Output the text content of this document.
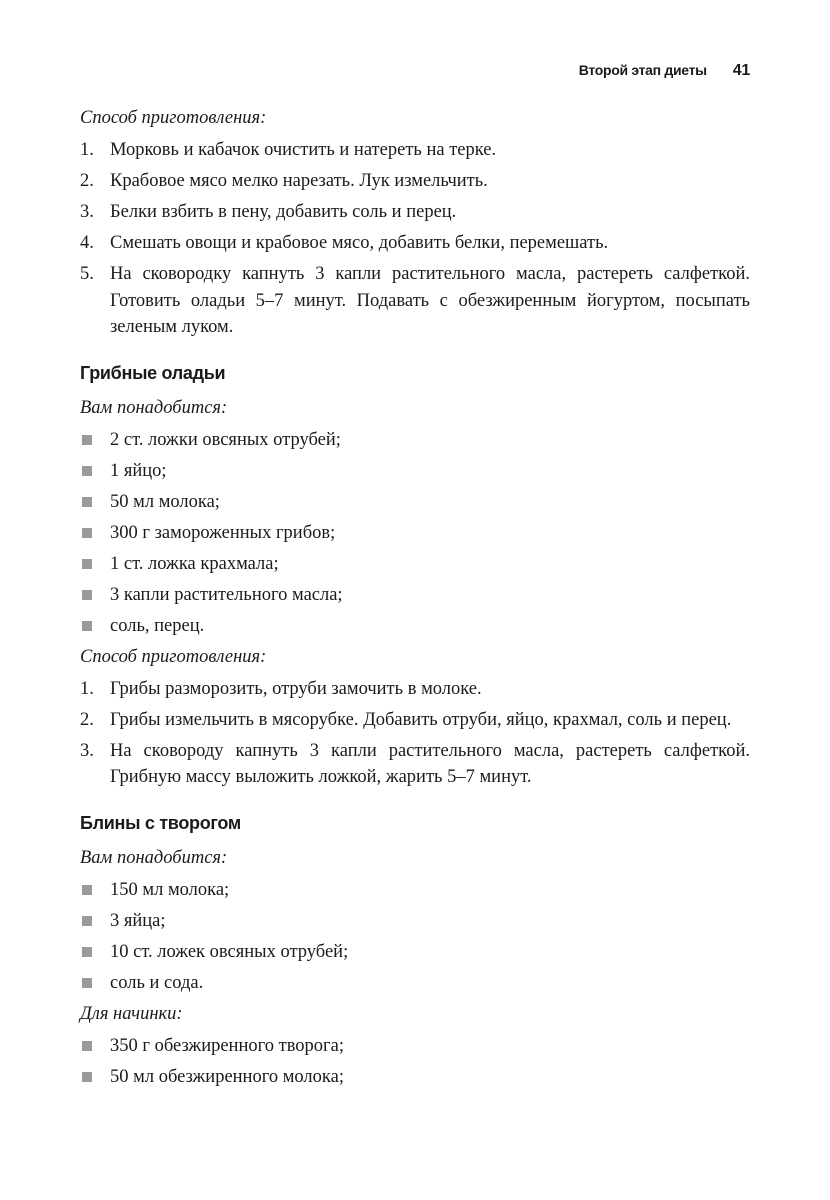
Второй этап диеты 41

Способ приготовления:

1. Морковь и кабачок очистить и натереть на терке.
2. Крабовое мясо мелко нарезать. Лук измельчить.
3. Белки взбить в пену, добавить соль и перец.
4. Смешать овощи и крабовое мясо, добавить белки, перемешать.
5. На сковородку капнуть 3 капли растительного масла, растереть салфеткой. Готовить оладьи 5–7 минут. Подавать с обезжиренным йогуртом, посыпать зеленым луком.
Грибные оладьи

Вам понадобится:

2 ст. ложки овсяных отрубей;
1 яйцо;
50 мл молока;
300 г замороженных грибов;
1 ст. ложка крахмала;
3 капли растительного масла;
соль, перец.

Способ приготовления:

1. Грибы разморозить, отруби замочить в молоке.
2. Грибы измельчить в мясорубке. Добавить отруби, яйцо, крахмал, соль и перец.
3. На сковороду капнуть 3 капли растительного масла, растереть салфеткой. Грибную массу выложить ложкой, жарить 5–7 минут.
Блины с творогом

Вам понадобится:

150 мл молока;
3 яйца;
10 ст. ложек овсяных отрубей;
соль и сода.

Для начинки:

350 г обезжиренного творога;
50 мл обезжиренного молока;
